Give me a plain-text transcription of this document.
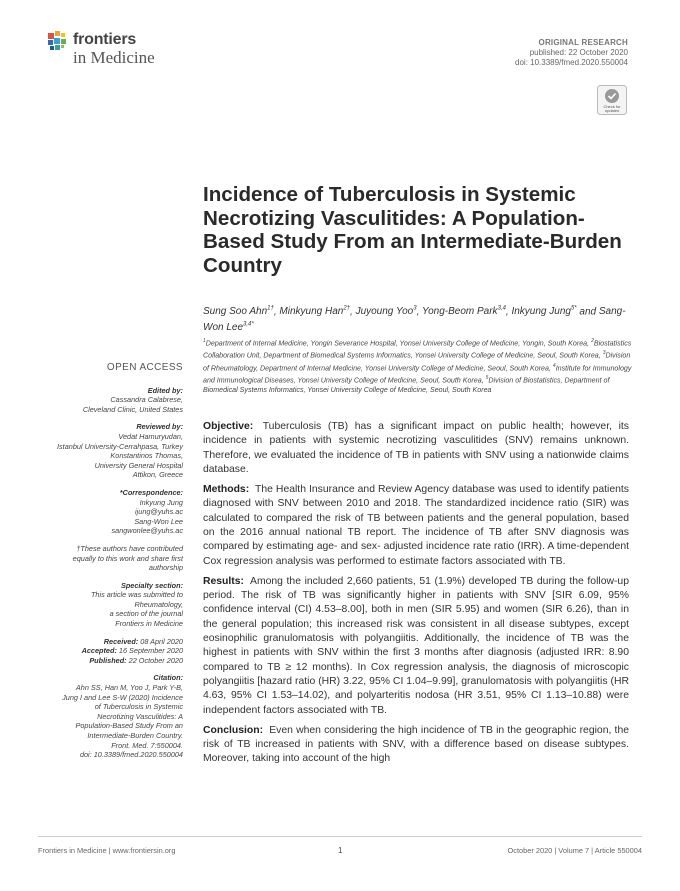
frontiers
in Medicine
ORIGINAL RESEARCH
published: 22 October 2020
doi: 10.3389/fmed.2020.550004
Check for
updates
Incidence of Tuberculosis in Systemic Necrotizing Vasculitides: A Population-Based Study From an Intermediate-Burden Country
Sung Soo Ahn$^{1\dagger}$, Minkyung Han$^{2\dagger}$, Juyoung Yoo$^3$, Yong-Beom Park$^{3,4}$, Inkyung Jung$^{5*}$ and Sang-Won Lee$^{3,4*}$
$^1$Department of Internal Medicine, Yongin Severance Hospital, Yonsei University College of Medicine, Yongin, South Korea, $^2$Biostatistics Collaboration Unit, Department of Biomedical Systems Informatics, Yonsei University College of Medicine, Seoul, South Korea, $^3$Division of Rheumatology, Department of Internal Medicine, Yonsei University College of Medicine, Seoul, South Korea, $^4$Institute for Immunology and Immunological Diseases, Yonsei University College of Medicine, Seoul, South Korea, $^5$Division of Biostatistics, Department of Biomedical Systems Informatics, Yonsei University College of Medicine, Seoul, South Korea
OPEN ACCESS
Edited by:
Cassandra Calabrese,
Cleveland Clinic, United States
Reviewed by:
Vedat Hamuryudan,
Istanbul University-Cerrahpasa, Turkey
Konstantinos Thomas,
University General Hospital
Attikon, Greece
*Correspondence:
Inkyung Jung
ijung@yuhs.ac
Sang-Won Lee
sangwonlee@yuhs.ac
†These authors have contributed
equally to this work and share first
authorship
Specialty section:
This article was submitted to
Rheumatology,
a section of the journal
Frontiers in Medicine
Received: 08 April 2020
Accepted: 16 September 2020
Published: 22 October 2020
Citation:
Ahn SS, Han M, Yoo J, Park Y-B,
Jung I and Lee S-W (2020) Incidence
of Tuberculosis in Systemic
Necrotizing Vasculitides: A
Population-Based Study From an
Intermediate-Burden Country.
Front. Med. 7:550004.
doi: 10.3389/fmed.2020.550004

Objective: Tuberculosis (TB) has a significant impact on public health; however, its incidence in patients with systemic necrotizing vasculitides (SNV) remains unknown. Therefore, we evaluated the incidence of TB in patients with SNV using a nationwide claims database.

Methods: The Health Insurance and Review Agency database was used to identify patients diagnosed with SNV between 2010 and 2018. The standardized incidence ratio (SIR) was calculated to compared the risk of TB between patients and the general population, based on the 2016 annual national TB report. The incidence of TB after SNV diagnosis was compared by estimating age- and sex- adjusted incidence rate ratio (IRR). A time-dependent Cox regression analysis was performed to estimate factors associated with TB.

Results: Among the included 2,660 patients, 51 (1.9%) developed TB during the follow-up period. The risk of TB was significantly higher in patients with SNV [SIR 6.09, 95% confidence interval (CI) 4.53–8.00], both in men (SIR 5.95) and women (SIR 6.26), than in the general population; this increased risk was consistent in all disease subtypes, except eosinophilic granulomatosis with polyangiitis. Additionally, the incidence of TB was the highest in patients with SNV within the first 3 months after diagnosis (adjusted IRR: 8.90 compared to TB ≥ 12 months). In Cox regression analysis, the diagnosis of microscopic polyangiitis [hazard ratio (HR) 3.22, 95% CI 1.04–9.99], granulomatosis with polyangiitis (HR 4.63, 95% CI 1.53–14.02), and polyarteritis nodosa (HR 3.51, 95% CI 1.13–10.88) were independent factors associated with TB.

Conclusion: Even when considering the high incidence of TB in the geographic region, the risk of TB increased in patients with SNV, with a difference based on disease subtypes. Moreover, taking into account of the high

Frontiers in Medicine | www.frontiersin.org	1	October 2020 | Volume 7 | Article 550004
